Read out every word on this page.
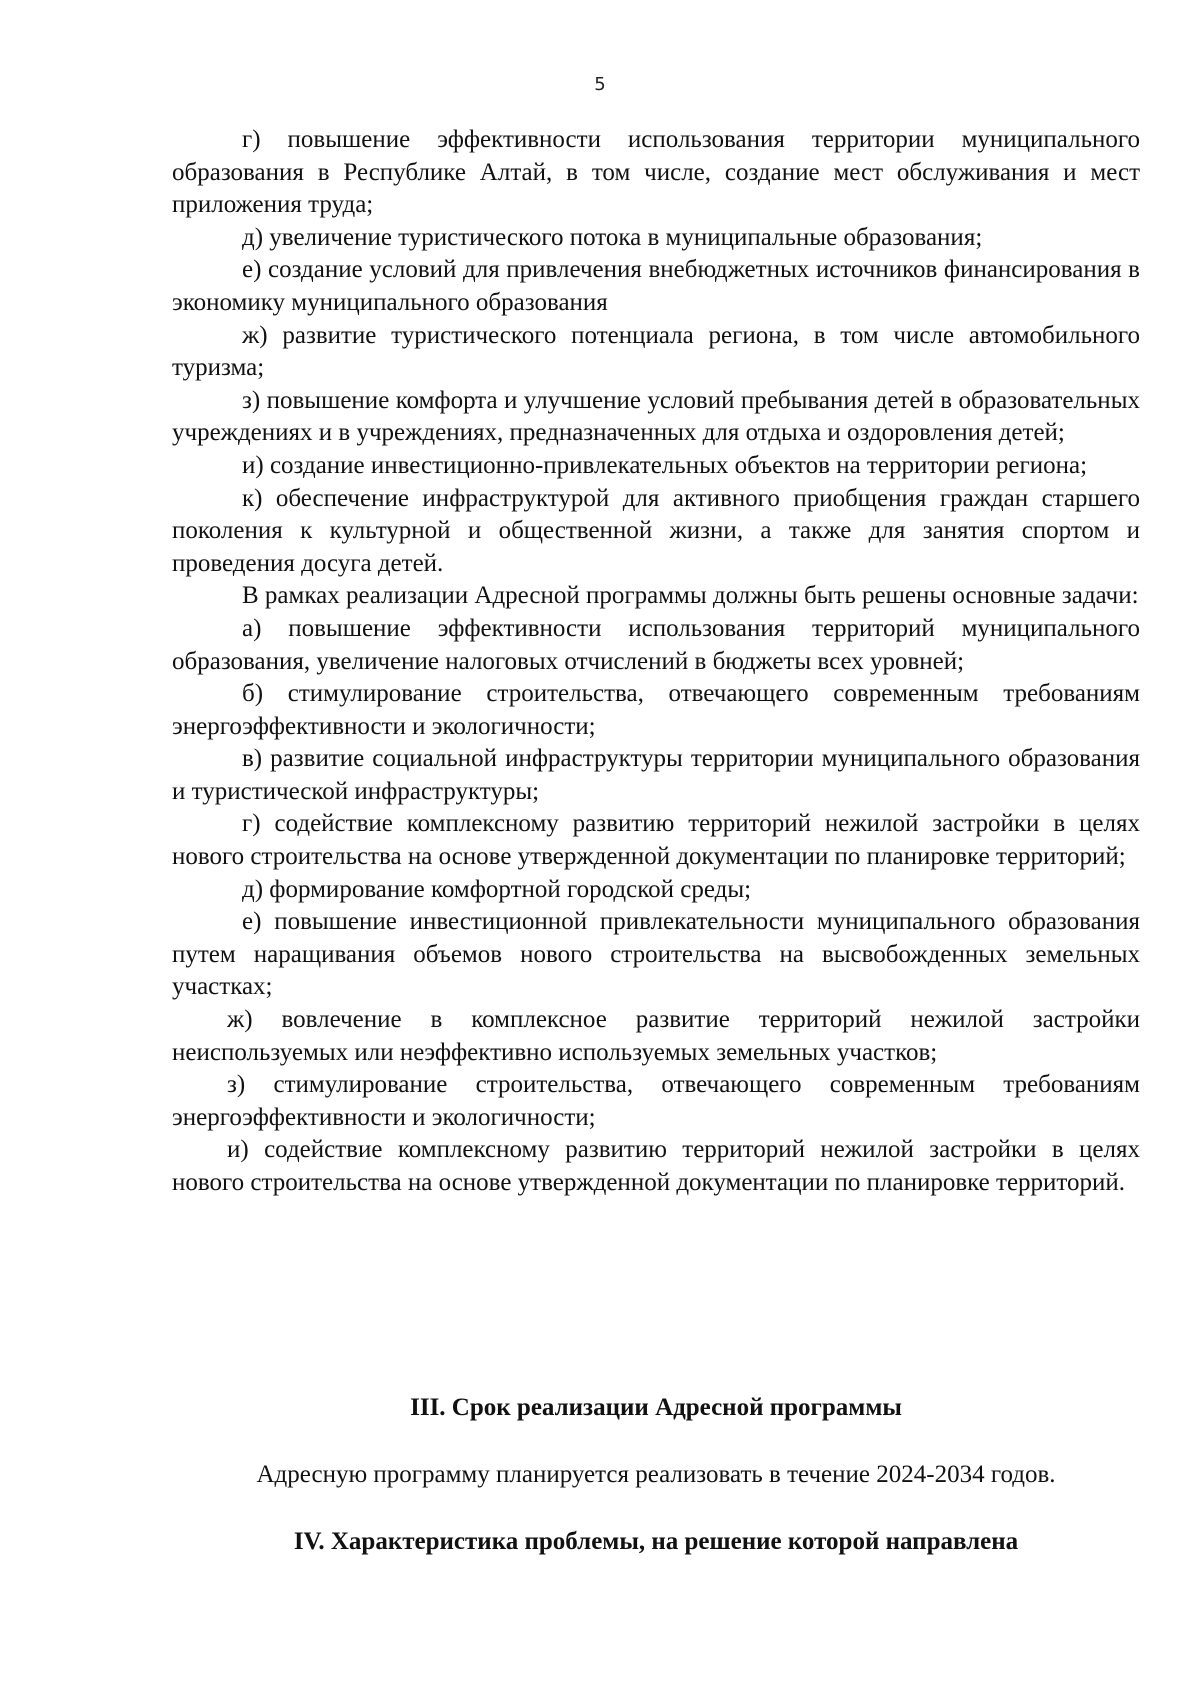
5

г) повышение эффективности использования территории муниципального образования в Республике Алтай, в том числе, создание мест обслуживания и мест приложения труда;

д) увеличение туристического потока в муниципальные образования;

е) создание условий для привлечения внебюджетных источников финансирования в экономику муниципального образования

ж) развитие туристического потенциала региона, в том числе автомобильного туризма;

з) повышение комфорта и улучшение условий пребывания детей в образовательных учреждениях и в учреждениях, предназначенных для отдыха и оздоровления детей;

и) создание инвестиционно-привлекательных объектов на территории региона;

к) обеспечение инфраструктурой для активного приобщения граждан старшего поколения к культурной и общественной жизни, а также для занятия спортом и проведения досуга детей.

В рамках реализации Адресной программы должны быть решены основные задачи:

а) повышение эффективности использования территорий муниципального образования, увеличение налоговых отчислений в бюджеты всех уровней;

б) стимулирование строительства, отвечающего современным требованиям энергоэффективности и экологичности;

в) развитие социальной инфраструктуры территории муниципального образования и туристической инфраструктуры;

г) содействие комплексному развитию территорий нежилой застройки в целях нового строительства на основе утвержденной документации по планировке территорий;

д) формирование комфортной городской среды;

е) повышение инвестиционной привлекательности муниципального образования путем наращивания объемов нового строительства на высвобожденных земельных участках;

ж) вовлечение в комплексное развитие территорий нежилой застройки неиспользуемых или неэффективно используемых земельных участков;

з) стимулирование строительства, отвечающего современным требованиям энергоэффективности и экологичности;

и) содействие комплексному развитию территорий нежилой застройки в целях нового строительства на основе утвержденной документации по планировке территорий.

III. Срок реализации Адресной программы

Адресную программу планируется реализовать в течение 2024-2034 годов.

IV. Характеристика проблемы, на решение которой направлена
